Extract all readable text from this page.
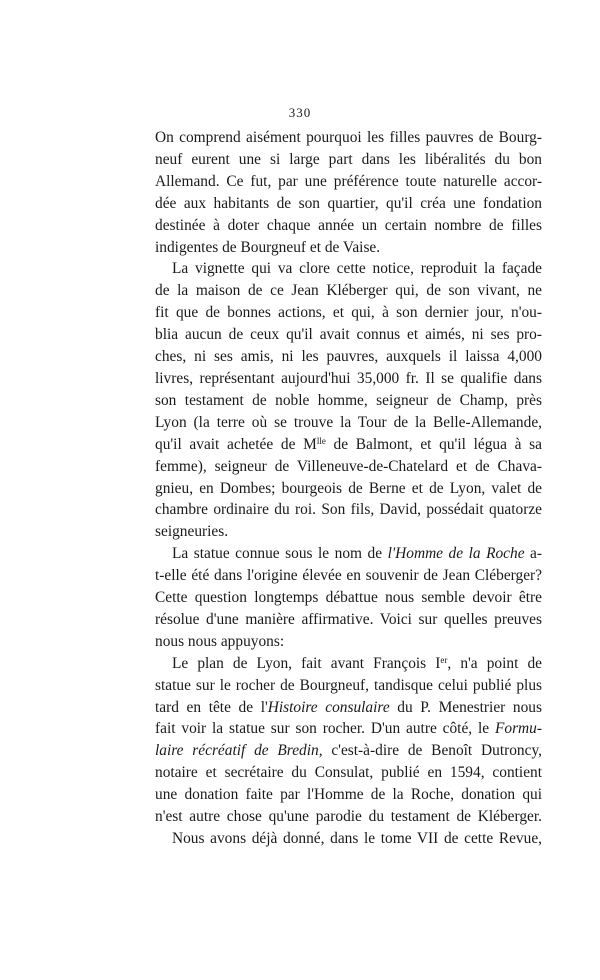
330
On comprend aisément pourquoi les filles pauvres de Bourg-
neuf eurent une si large part dans les libéralités du bon
Allemand. Ce fut, par une préférence toute naturelle accor-
dée aux habitants de son quartier, qu'il créa une fondation
destinée à doter chaque année un certain nombre de filles
indigentes de Bourgneuf et de Vaise.
La vignette qui va clore cette notice, reproduit la façade
de la maison de ce Jean Kléberger qui, de son vivant, ne
fit que de bonnes actions, et qui, à son dernier jour, n'ou-
blia aucun de ceux qu'il avait connus et aimés, ni ses pro-
ches, ni ses amis, ni les pauvres, auxquels il laissa 4,000
livres, représentant aujourd'hui 35,000 fr. Il se qualifie dans
son testament de noble homme, seigneur de Champ, près
Lyon (la terre où se trouve la Tour de la Belle-Allemande,
qu'il avait achetée de $M^{lle}$ de Balmont, et qu'il légua à sa
femme), seigneur de Villeneuve-de-Chatelard et de Chava-
gnieu, en Dombes; bourgeois de Berne et de Lyon, valet de
chambre ordinaire du roi. Son fils, David, possédait quatorze
seigneuries.
La statue connue sous le nom de l'Homme de la Roche a-
t-elle été dans l'origine élevée en souvenir de Jean Cléberger?
Cette question longtemps débattue nous semble devoir être
résolue d'une manière affirmative. Voici sur quelles preuves
nous nous appuyons:
Le plan de Lyon, fait avant François Ier, n'a point de
statue sur le rocher de Bourgneuf, tandisque celui publié plus
tard en tête de l'Histoire consulaire du P. Menestrier nous
fait voir la statue sur son rocher. D'un autre côté, le Formu-
laire récréatif de Bredin, c'est-à-dire de Benoît Dutroncy,
notaire et secrétaire du Consulat, publié en 1594, contient
une donation faite par l'Homme de la Roche, donation qui
n'est autre chose qu'une parodie du testament de Kléberger.
Nous avons déjà donné, dans le tome VII de cette Revue,
